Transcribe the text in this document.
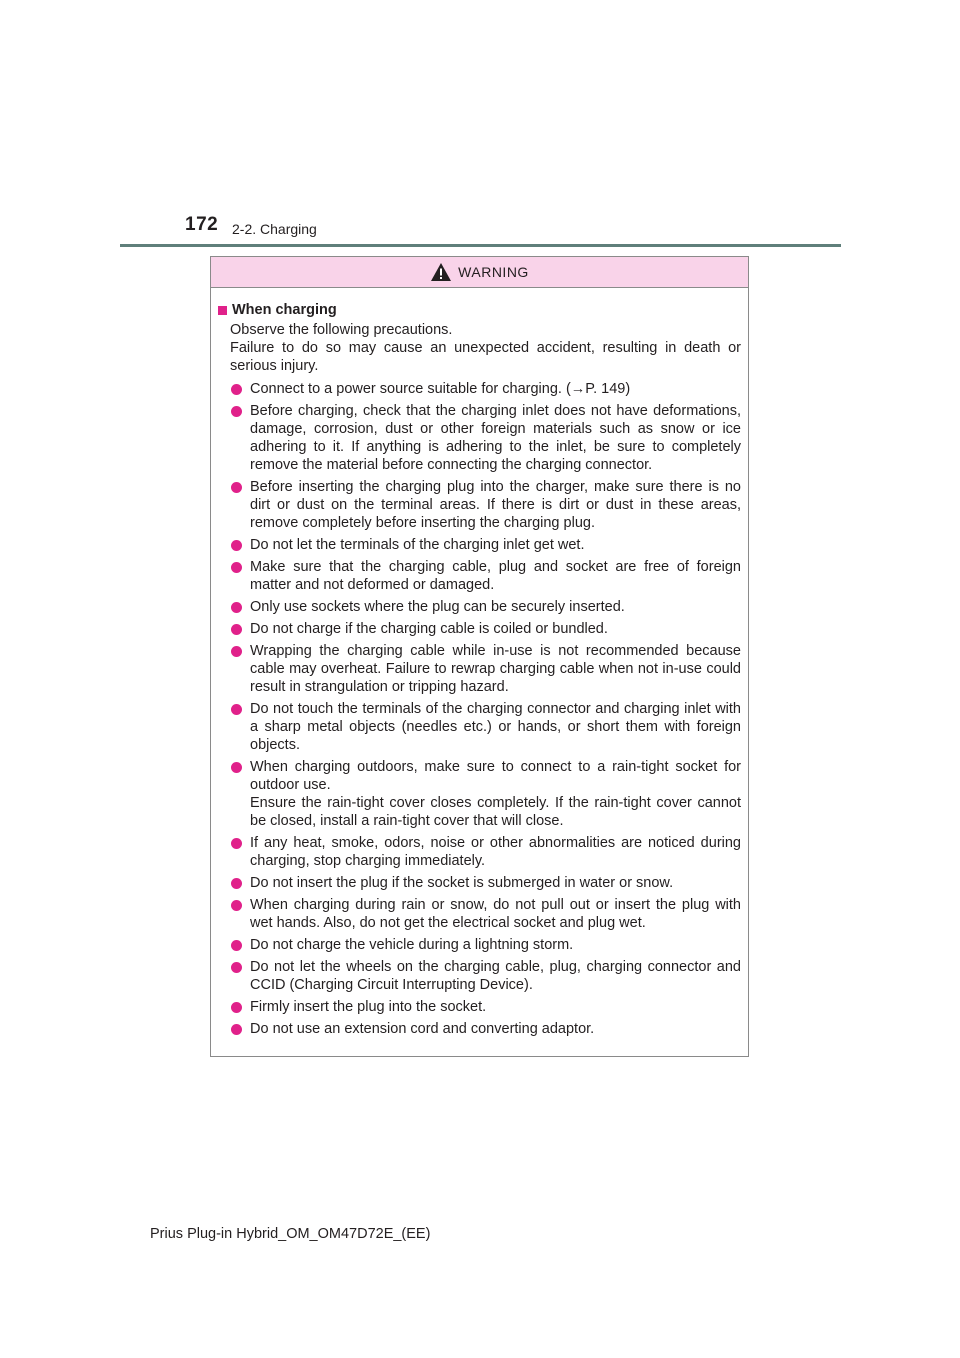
172 2-2. Charging
WARNING
When charging

Observe the following precautions.

Failure to do so may cause an unexpected accident, resulting in death or serious injury.

Connect to a power source suitable for charging. (→P. 149)
Before charging, check that the charging inlet does not have deformations, damage, corrosion, dust or other foreign materials such as snow or ice adhering to it. If anything is adhering to the inlet, be sure to completely remove the material before connecting the charging connector.
Before inserting the charging plug into the charger, make sure there is no dirt or dust on the terminal areas. If there is dirt or dust in these areas, remove completely before inserting the charging plug.
Do not let the terminals of the charging inlet get wet.
Make sure that the charging cable, plug and socket are free of foreign matter and not deformed or damaged.
Only use sockets where the plug can be securely inserted.
Do not charge if the charging cable is coiled or bundled.
Wrapping the charging cable while in-use is not recommended because cable may overheat. Failure to rewrap charging cable when not in-use could result in strangulation or tripping hazard.
Do not touch the terminals of the charging connector and charging inlet with a sharp metal objects (needles etc.) or hands, or short them with foreign objects.
When charging outdoors, make sure to connect to a rain-tight socket for outdoor use.
Ensure the rain-tight cover closes completely. If the rain-tight cover cannot be closed, install a rain-tight cover that will close.
If any heat, smoke, odors, noise or other abnormalities are noticed during charging, stop charging immediately.
Do not insert the plug if the socket is submerged in water or snow.
When charging during rain or snow, do not pull out or insert the plug with wet hands. Also, do not get the electrical socket and plug wet.
Do not charge the vehicle during a lightning storm.
Do not let the wheels on the charging cable, plug, charging connector and CCID (Charging Circuit Interrupting Device).
Firmly insert the plug into the socket.
Do not use an extension cord and converting adaptor.
Prius Plug-in Hybrid_OM_OM47D72E_(EE)
